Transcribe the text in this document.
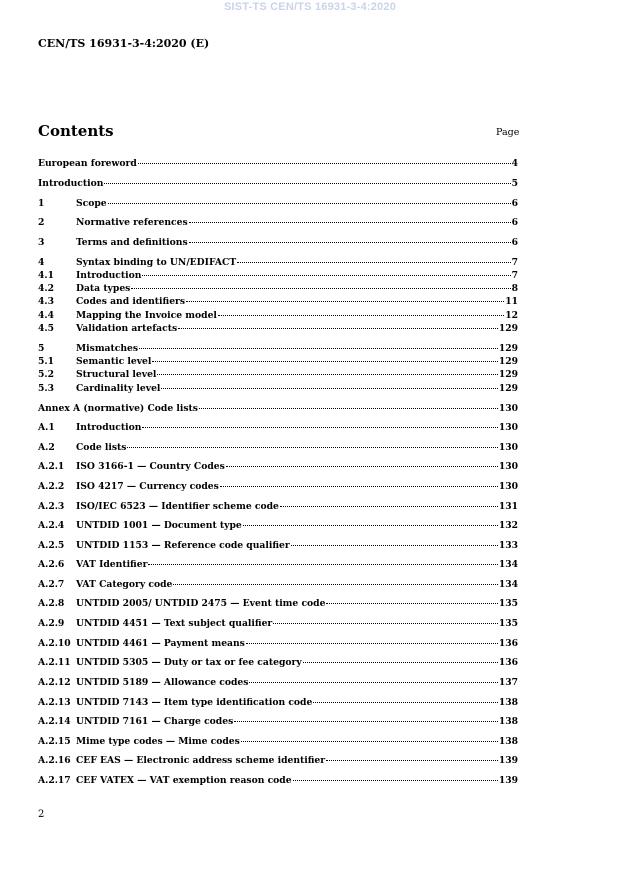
SIST-TS CEN/TS 16931-3-4:2020
CEN/TS 16931-3-4:2020 (E)
Contents	Page
European foreword	4
Introduction	5
1	Scope	6
2	Normative references	6
3	Terms and definitions	6
4	Syntax binding to UN/EDIFACT	7
4.1	Introduction	7
4.2	Data types	8
4.3	Codes and identifiers	11
4.4	Mapping the Invoice model	12
4.5	Validation artefacts	129
5	Mismatches	129
5.1	Semantic level	129
5.2	Structural level	129
5.3	Cardinality level	129
Annex A (normative) Code lists	130
A.1	Introduction	130
A.2	Code lists	130
A.2.1	ISO 3166-1 — Country Codes	130
A.2.2	ISO 4217 — Currency codes	130
A.2.3	ISO/IEC 6523 — Identifier scheme code	131
A.2.4	UNTDID 1001 — Document type	132
A.2.5	UNTDID 1153 — Reference code qualifier	133
A.2.6	VAT Identifier	134
A.2.7	VAT Category code	134
A.2.8	UNTDID 2005/ UNTDID 2475 — Event time code	135
A.2.9	UNTDID 4451 — Text subject qualifier	135
A.2.10 UNTDID 4461 — Payment means	136
A.2.11 UNTDID 5305 — Duty or tax or fee category	136
A.2.12 UNTDID 5189 — Allowance codes	137
A.2.13 UNTDID 7143 — Item type identification code	138
A.2.14 UNTDID 7161 — Charge codes	138
A.2.15 Mime type codes — Mime codes	138
A.2.16 CEF EAS — Electronic address scheme identifier	139
A.2.17 CEF VATEX — VAT exemption reason code	139
2
